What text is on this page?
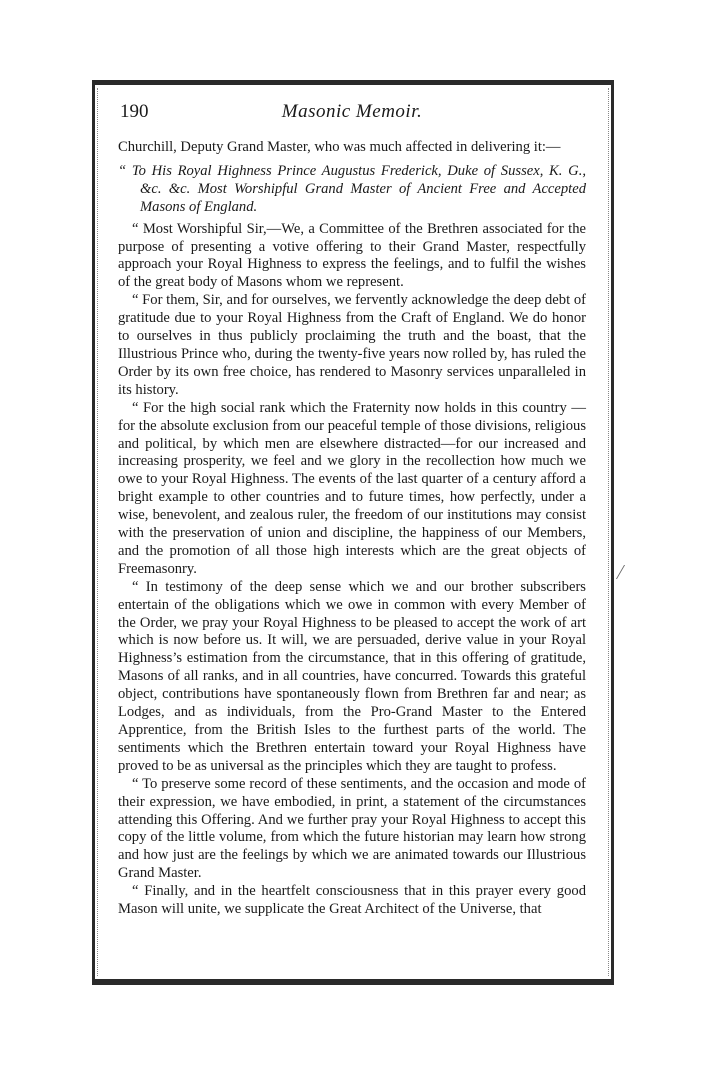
190	Masonic Memoir.

Churchill, Deputy Grand Master, who was much affected in delivering it:—

“ To His Royal Highness Prince Augustus Frederick, Duke of Sussex, K. G., &c. &c. Most Worshipful Grand Master of Ancient Free and Accepted Masons of England.

“ Most Worshipful Sir,—We, a Committee of the Brethren associated for the purpose of presenting a votive offering to their Grand Master, respectfully approach your Royal Highness to express the feelings, and to fulfil the wishes of the great body of Masons whom we represent.

“ For them, Sir, and for ourselves, we fervently acknowledge the deep debt of gratitude due to your Royal Highness from the Craft of England. We do honor to ourselves in thus publicly proclaiming the truth and the boast, that the Illustrious Prince who, during the twenty-five years now rolled by, has ruled the Order by its own free choice, has rendered to Masonry services unparalleled in its history.

“ For the high social rank which the Fraternity now holds in this country —for the absolute exclusion from our peaceful temple of those divisions, religious and political, by which men are elsewhere distracted—for our increased and increasing prosperity, we feel and we glory in the recollection how much we owe to your Royal Highness. The events of the last quarter of a century afford a bright example to other countries and to future times, how perfectly, under a wise, benevolent, and zealous ruler, the freedom of our institutions may consist with the preservation of union and discipline, the happiness of our Members, and the promotion of all those high interests which are the great objects of Freemasonry.

“ In testimony of the deep sense which we and our brother subscribers entertain of the obligations which we owe in common with every Member of the Order, we pray your Royal Highness to be pleased to accept the work of art which is now before us. It will, we are persuaded, derive value in your Royal Highness’s estimation from the circumstance, that in this offering of gratitude, Masons of all ranks, and in all countries, have concurred. Towards this grateful object, contributions have spontaneously flown from Brethren far and near; as Lodges, and as individuals, from the Pro-Grand Master to the Entered Apprentice, from the British Isles to the furthest parts of the world. The sentiments which the Brethren entertain toward your Royal Highness have proved to be as universal as the principles which they are taught to profess.

“ To preserve some record of these sentiments, and the occasion and mode of their expression, we have embodied, in print, a statement of the circumstances attending this Offering. And we further pray your Royal Highness to accept this copy of the little volume, from which the future historian may learn how strong and how just are the feelings by which we are animated towards our Illustrious Grand Master.

“ Finally, and in the heartfelt consciousness that in this prayer every good Mason will unite, we supplicate the Great Architect of the Universe, that
